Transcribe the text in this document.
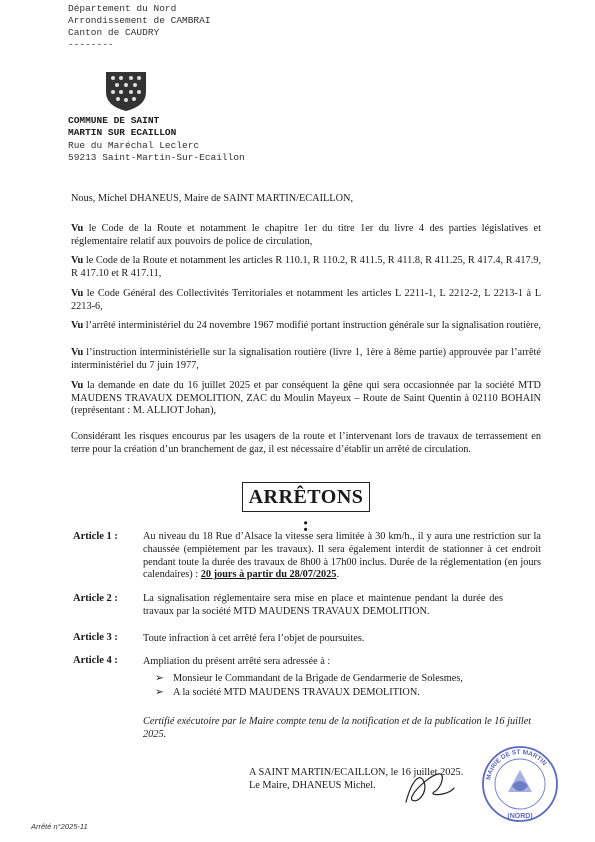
Département du Nord
Arrondissement de CAMBRAI
Canton de CAUDRY
--------
COMMUNE DE SAINT
MARTIN SUR ECAILLON
Rue du Maréchal Leclerc
59213 Saint-Martin-Sur-Ecaillon
Nous, Michel DHANEUS, Maire de SAINT MARTIN/ECAILLON,
Vu le Code de la Route et notamment le chapitre 1er du titre 1er du livre 4 des parties législatives et réglementaire relatif aux pouvoirs de police de circulation,
Vu le Code de la Route et notamment les articles R 110.1, R 110.2, R 411.5, R 411.8, R 411.25, R 417.4, R 417.9, R 417.10 et R 417.11,
Vu le Code Général des Collectivités Territoriales et notamment les articles L 2211-1, L 2212-2, L 2213-1 à L 2213-6,
Vu l’arrêté interministériel du 24 novembre 1967 modifié portant instruction générale sur la signalisation routière,
Vu l’instruction interministérielle sur la signalisation routière (livre 1, 1ère à 8ème partie) approuvée par l’arrêté interministériel du 7 juin 1977,
Vu la demande en date du 16 juillet 2025 et par conséquent la gêne qui sera occasionnée par la société MTD MAUDENS TRAVAUX DEMOLITION, ZAC du Moulin Mayeux – Route de Saint Quentin à 02110 BOHAIN (représentant : M. ALLIOT Johan),
Considérant les risques encourus par les usagers de la route et l’intervenant lors de travaux de terrassement en terre pour la création d’un branchement de gaz, il est nécessaire d’établir un arrêté de circulation.
ARRÊTONS :
Article 1 : Au niveau du 18 Rue d’Alsace la vitesse sera limitée à 30 km/h., il y aura une restriction sur la chaussée (empiètement par les travaux). Il sera également interdit de stationner à cet endroit pendant toute la durée des travaux de 8h00 à 17h00 inclus. Durée de la réglementation (en jours calendaires) : 20 jours à partir du 28/07/2025.
Article 2 : La signalisation réglementaire sera mise en place et maintenue pendant la durée des travaux par la société MTD MAUDENS TRAVAUX DEMOLITION.
Article 3 : Toute infraction à cet arrêté fera l’objet de poursuites.
Article 4 : Ampliation du présent arrêté sera adressée à :
➢ Monsieur le Commandant de la Brigade de Gendarmerie de Solesmes,
➢ A la société MTD MAUDENS TRAVAUX DEMOLITION.
Certifié exécutoire par le Maire compte tenu de la notification et de la publication le 16 juillet 2025.
MAIRIE DE ST MARTIN
(NORD)
A SAINT MARTIN/ECAILLON, le 16 juillet 2025.
Le Maire, DHANEUS Michel.
Arrêté n°2025-11
